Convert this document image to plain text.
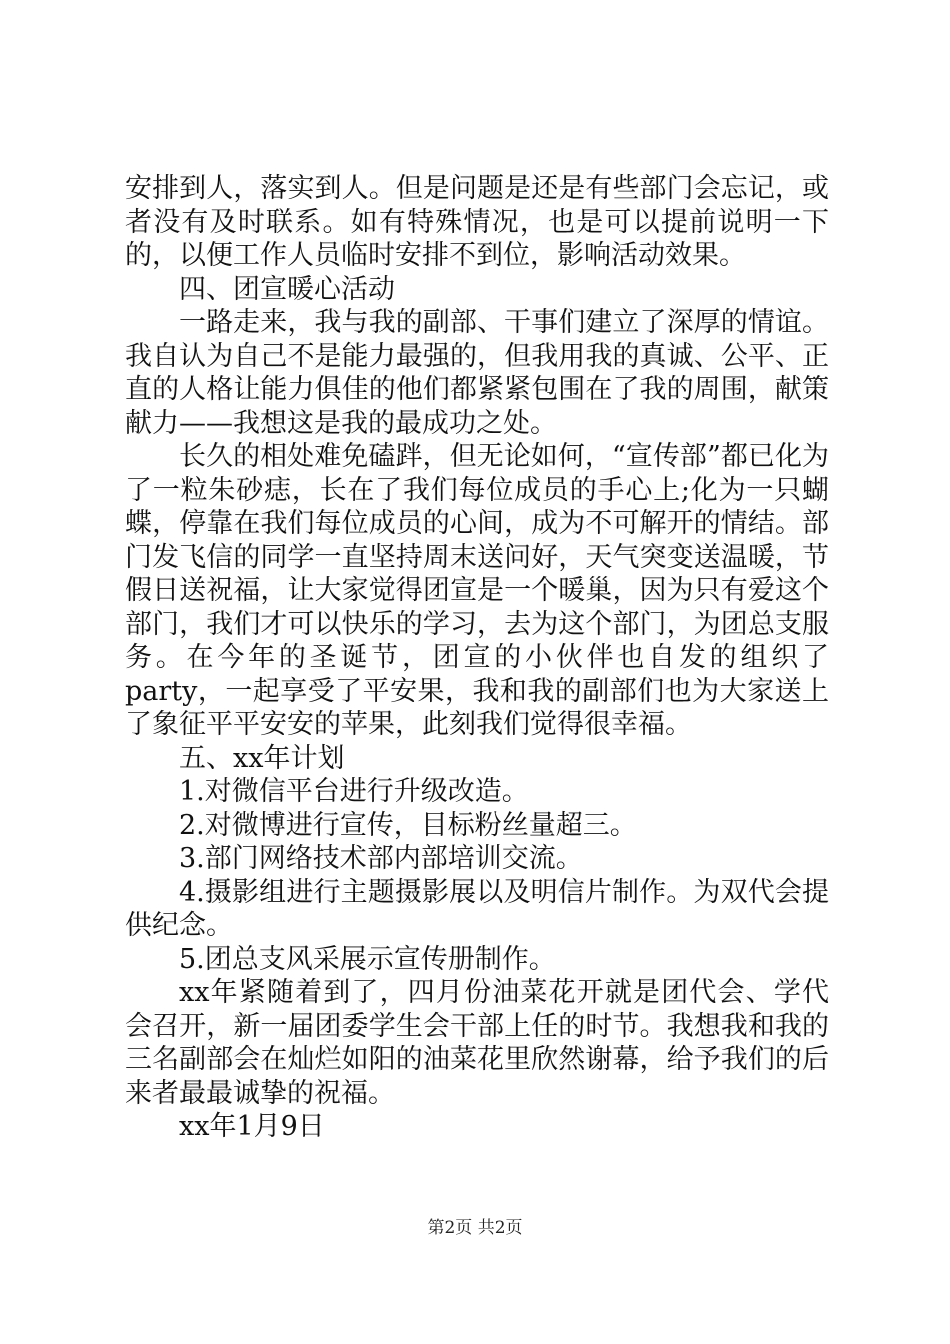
安排到人，落实到人。但是问题是还是有些部门会忘记，或者没有及时联系。如有特殊情况，也是可以提前说明一下的，以便工作人员临时安排不到位，影响活动效果。

四、团宣暖心活动

一路走来，我与我的副部、干事们建立了深厚的情谊。我自认为自己不是能力最强的，但我用我的真诚、公平、正直的人格让能力俱佳的他们都紧紧包围在了我的周围，献策献力——我想这是我的最成功之处。

长久的相处难免磕跘，但无论如何，“宣传部”都已化为了一粒朱砂痣，长在了我们每位成员的手心上;化为一只蝴蝶，停靠在我们每位成员的心间，成为不可解开的情结。部门发飞信的同学一直坚持周末送问好，天气突变送温暖，节假日送祝福，让大家觉得团宣是一个暖巢，因为只有爱这个部门，我们才可以快乐的学习，去为这个部门，为团总支服务。在今年的圣诞节，团宣的小伙伴也自发的组织了party，一起享受了平安果，我和我的副部们也为大家送上了象征平平安安的苹果，此刻我们觉得很幸福。

五、xx年计划

1.对微信平台进行升级改造。

2.对微博进行宣传，目标粉丝量超三。

3.部门网络技术部内部培训交流。

4.摄影组进行主题摄影展以及明信片制作。为双代会提供纪念。

5.团总支风采展示宣传册制作。

xx年紧随着到了，四月份油菜花开就是团代会、学代会召开，新一届团委学生会干部上任的时节。我想我和我的三名副部会在灿烂如阳的油菜花里欣然谢幕，给予我们的后来者最最诚挚的祝福。

xx年1月9日

第2页 共2页
